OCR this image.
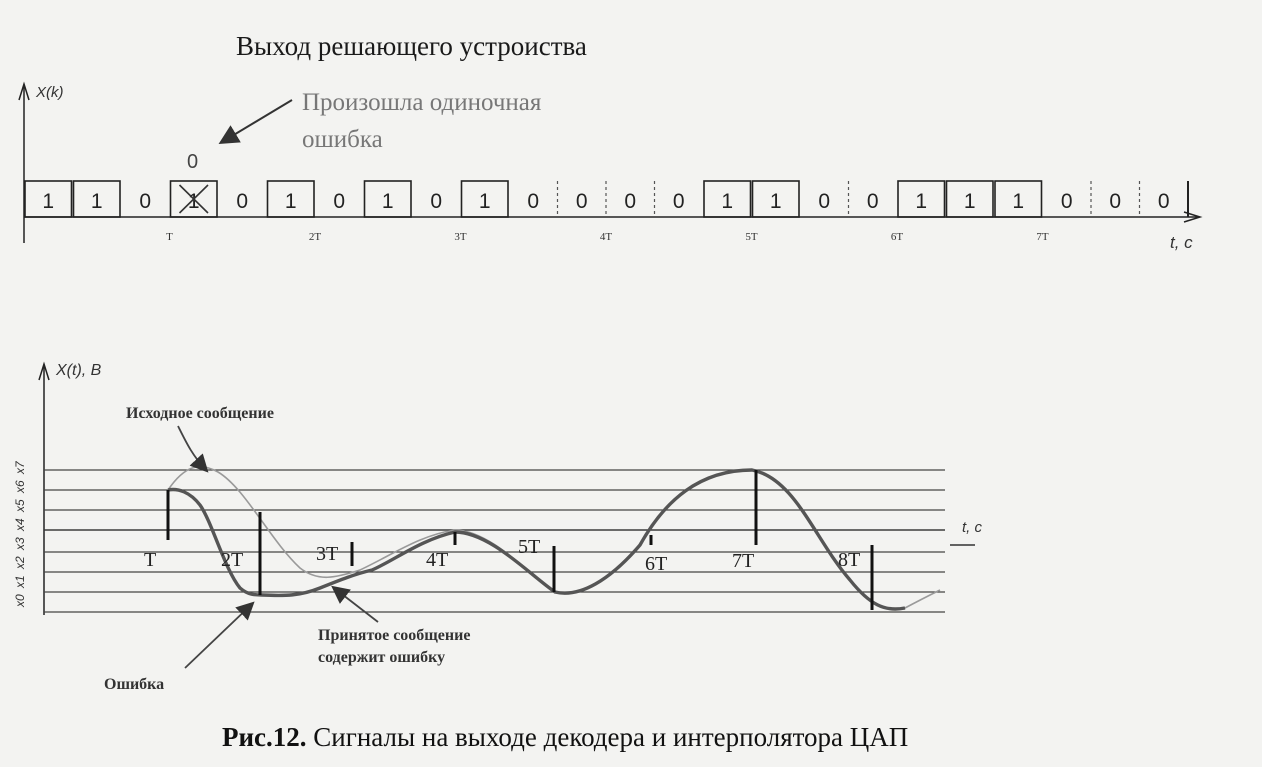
Выход решающего устроиства
X(k)
t, c
Произошла одиночная
ошибка
0
1 1 0 1 0 1 0 1 0 1 0 0 0 0 1 1 0 0 1 1 1 0 0 0
T	2T	3T	4T	5T	6T	7T
X(t), B
x7
x6
x5
x4
x3
x2
x1
x0
t, c
T	2T	3T	4T
5T
6T	7T	8T
Исходное сообщение
Ошибка
Принятое сообщение
содержит ошибку
Рис.12. Сигналы на выходе декодера и интерполятора ЦАП
